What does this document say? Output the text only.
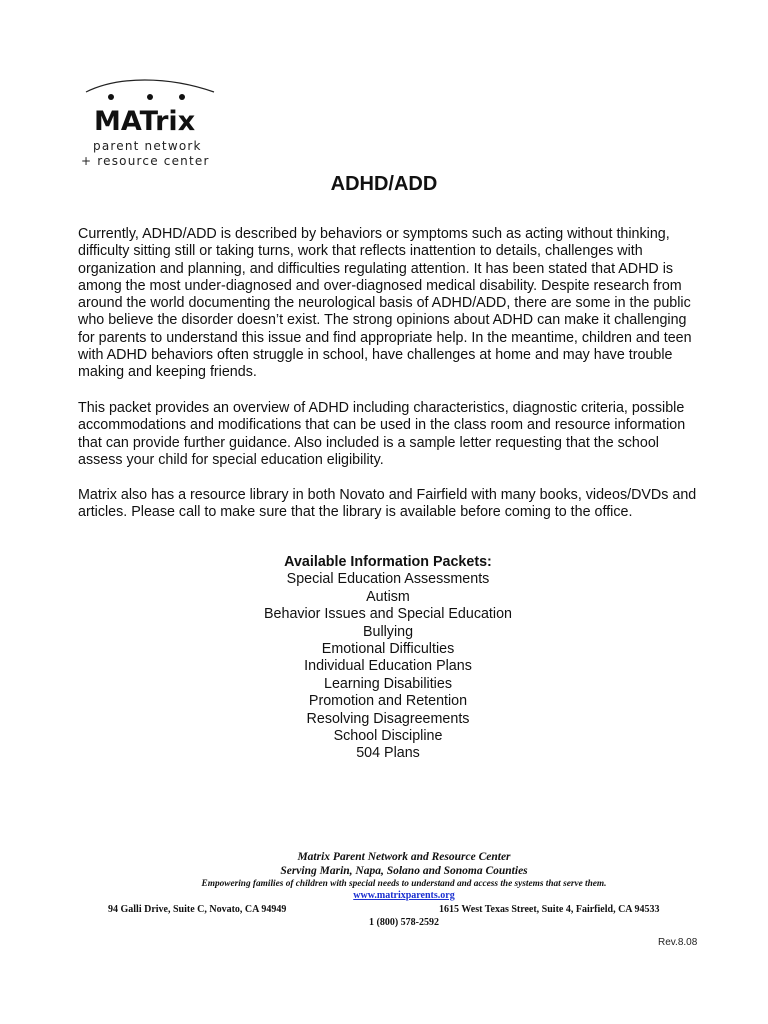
MATrix
parent network
+ resource center
ADHD/ADD

Currently, ADHD/ADD is described by behaviors or symptoms such as acting without thinking, difficulty sitting still or taking turns, work that reflects inattention to details, challenges with organization and planning, and difficulties regulating attention. It has been stated that ADHD is among the most under-diagnosed and over-diagnosed medical disability. Despite research from around the world documenting the neurological basis of ADHD/ADD, there are some in the public who believe the disorder doesn’t exist. The strong opinions about ADHD can make it challenging for parents to understand this issue and find appropriate help. In the meantime, children and teen with ADHD behaviors often struggle in school, have challenges at home and may have trouble making and keeping friends.

This packet provides an overview of ADHD including characteristics, diagnostic criteria, possible accommodations and modifications that can be used in the class room and resource information that can provide further guidance. Also included is a sample letter requesting that the school assess your child for special education eligibility.

Matrix also has a resource library in both Novato and Fairfield with many books, videos/DVDs and articles. Please call to make sure that the library is available before coming to the office.

Available Information Packets:
Special Education Assessments
Autism
Behavior Issues and Special Education
Bullying
Emotional Difficulties
Individual Education Plans
Learning Disabilities
Promotion and Retention
Resolving Disagreements
School Discipline
504 Plans
Matrix Parent Network and Resource Center
Serving Marin, Napa, Solano and Sonoma Counties
Empowering families of children with special needs to understand and access the systems that serve them.
www.matrixparents.org
94 Galli Drive, Suite C, Novato, CA 94949	1615 West Texas Street, Suite 4, Fairfield, CA 94533
1 (800) 578-2592
Rev.8.08
